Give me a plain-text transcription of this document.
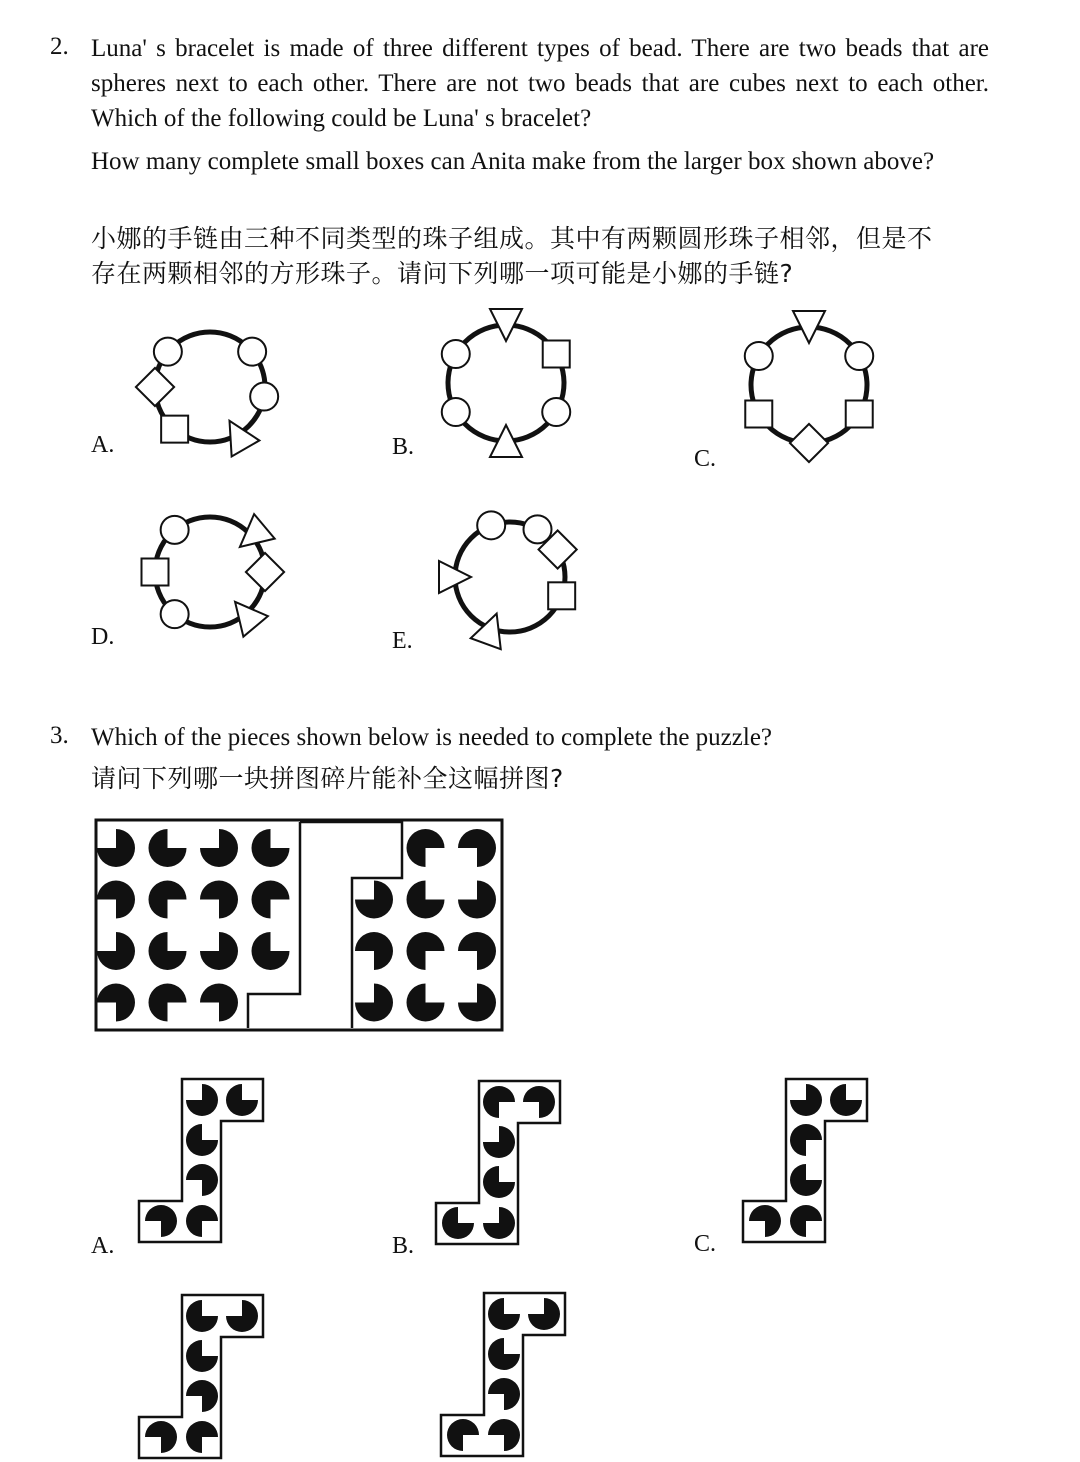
2. Luna' s bracelet is made of three different types of bead. There are two beads that are spheres next to each other. There are not two beads that are cubes next to each other. Which of the following could be Luna' s bracelet?

How many complete small boxes can Anita make from the larger box shown above?

小娜的手链由三种不同类型的珠子组成。其中有两颗圆形珠子相邻，但是不

存在两颗相邻的方形珠子。请问下列哪一项可能是小娜的手链?

A.	B.	C.
D.	E.
3. Which of the pieces shown below is needed to complete the puzzle?

请问下列哪一块拼图碎片能补全这幅拼图?

A.	B.	C.
